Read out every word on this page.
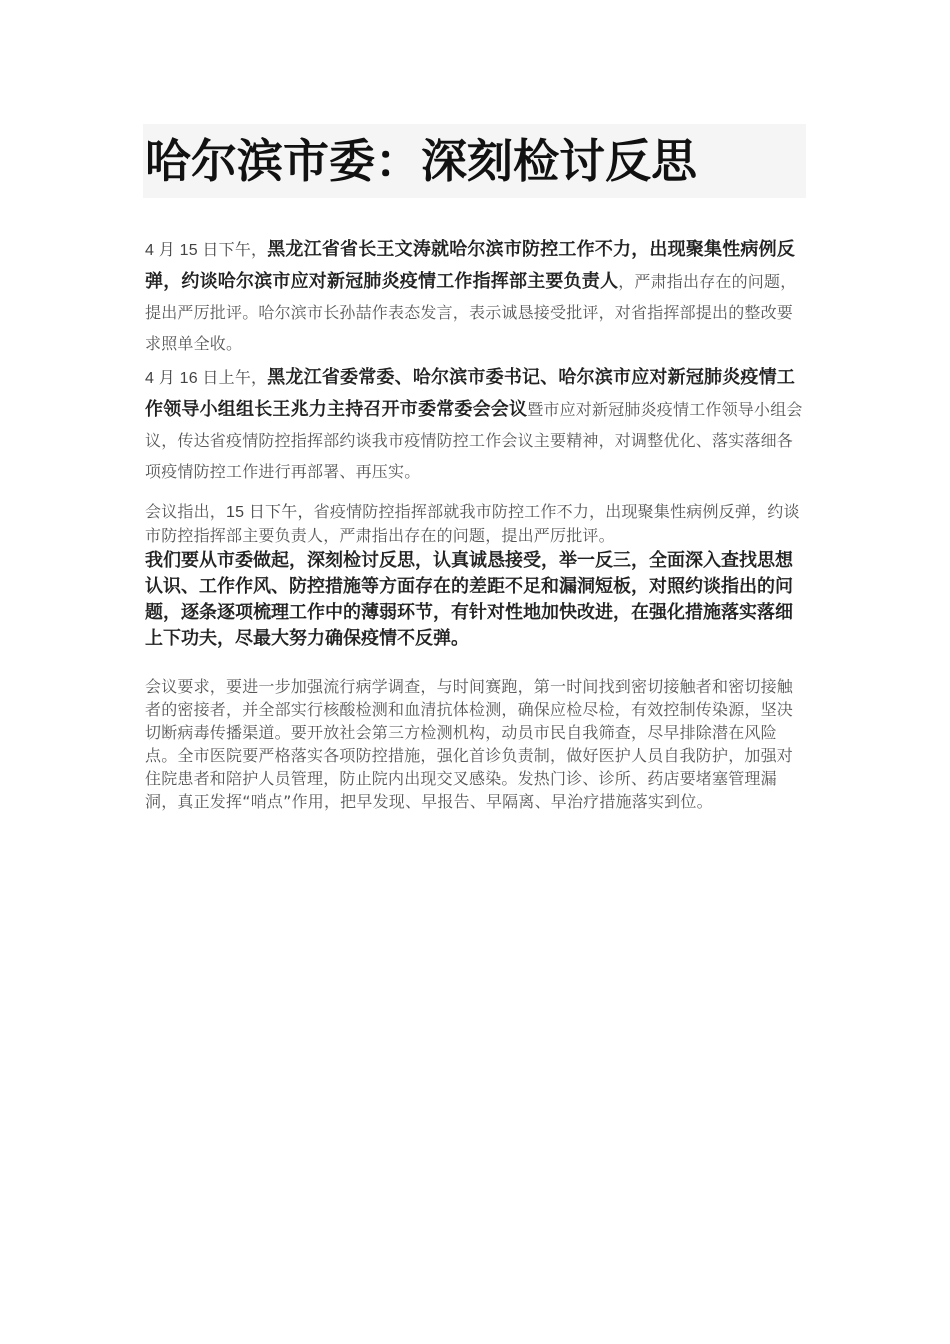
哈尔滨市委：深刻检讨反思

4 月 15 日下午，黑龙江省省长王文涛就哈尔滨市防控工作不力，出现聚集性病例反弹，约谈哈尔滨市应对新冠肺炎疫情工作指挥部主要负责人，严肃指出存在的问题，提出严厉批评。哈尔滨市长孙喆作表态发言，表示诚恳接受批评，对省指挥部提出的整改要求照单全收。

4 月 16 日上午，黑龙江省委常委、哈尔滨市委书记、哈尔滨市应对新冠肺炎疫情工作领导小组组长王兆力主持召开市委常委会会议暨市应对新冠肺炎疫情工作领导小组会议，传达省疫情防控指挥部约谈我市疫情防控工作会议主要精神，对调整优化、落实落细各项疫情防控工作进行再部署、再压实。

会议指出，15 日下午，省疫情防控指挥部就我市防控工作不力，出现聚集性病例反弹，约谈市防控指挥部主要负责人，严肃指出存在的问题，提出严厉批评。

我们要从市委做起，深刻检讨反思，认真诚恳接受，举一反三，全面深入查找思想认识、工作作风、防控措施等方面存在的差距不足和漏洞短板，对照约谈指出的问题，逐条逐项梳理工作中的薄弱环节，有针对性地加快改进，在强化措施落实落细上下功夫，尽最大努力确保疫情不反弹。

会议要求，要进一步加强流行病学调查，与时间赛跑，第一时间找到密切接触者和密切接触者的密接者，并全部实行核酸检测和血清抗体检测，确保应检尽检，有效控制传染源，坚决切断病毒传播渠道。要开放社会第三方检测机构，动员市民自我筛查，尽早排除潜在风险点。全市医院要严格落实各项防控措施，强化首诊负责制，做好医护人员自我防护，加强对住院患者和陪护人员管理，防止院内出现交叉感染。发热门诊、诊所、药店要堵塞管理漏洞，真正发挥“哨点”作用，把早发现、早报告、早隔离、早治疗措施落实到位。
